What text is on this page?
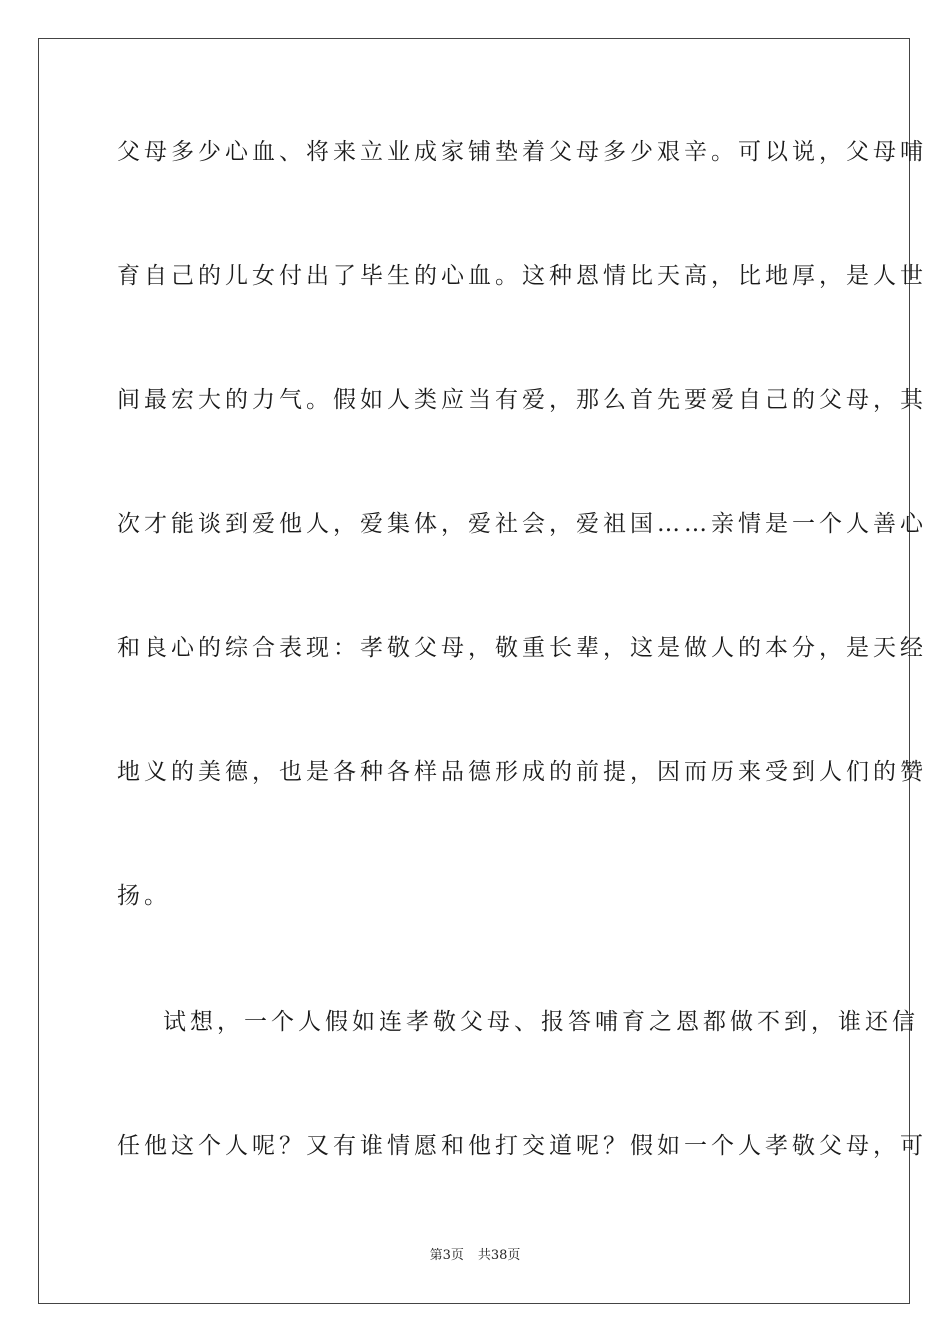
父母多少心血、将来立业成家铺垫着父母多少艰辛。可以说，父母哺
育自己的儿女付出了毕生的心血。这种恩情比天高，比地厚，是人世
间最宏大的力气。假如人类应当有爱，那么首先要爱自己的父母，其
次才能谈到爱他人，爱集体，爱社会，爱祖国……亲情是一个人善心
和良心的综合表现：孝敬父母，敬重长辈，这是做人的本分，是天经
地义的美德，也是各种各样品德形成的前提，因而历来受到人们的赞
扬。
试想，一个人假如连孝敬父母、报答哺育之恩都做不到，谁还信
任他这个人呢？又有谁情愿和他打交道呢？假如一个人孝敬父母，可
第3页 共38页
